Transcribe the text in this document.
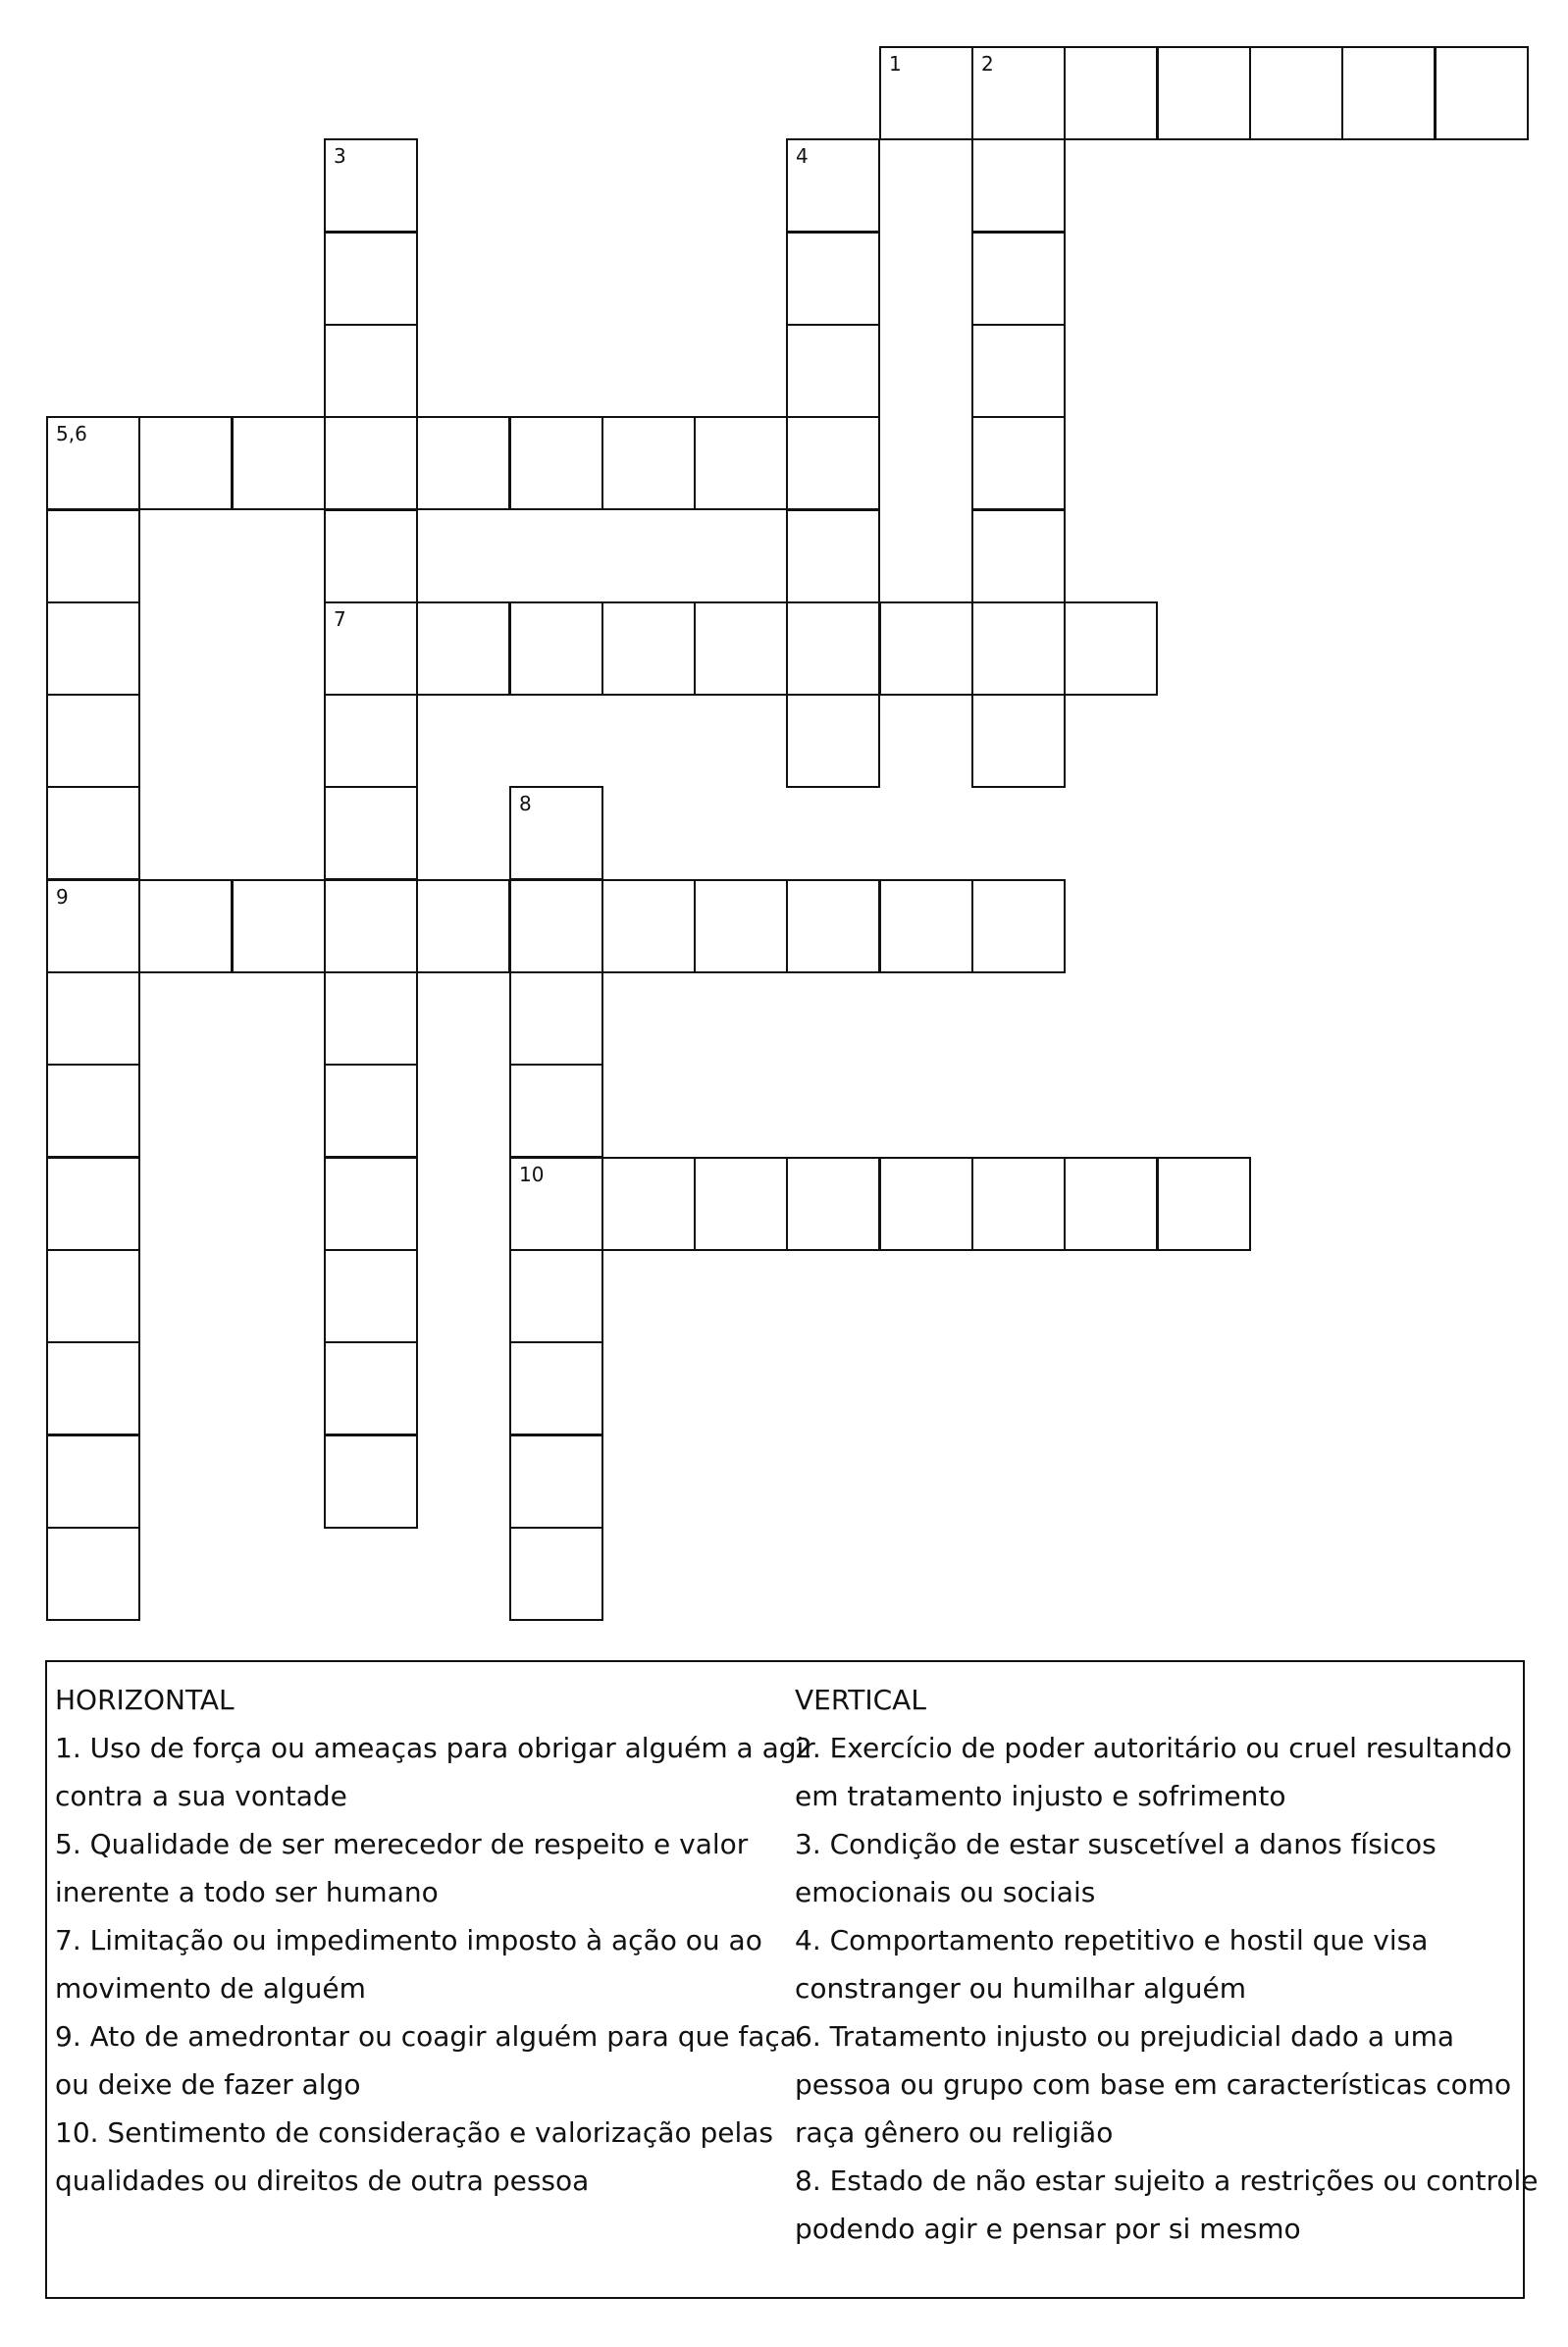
1	2
3	4
5,6
7
8
9
10
HORIZONTAL
1. Uso de força ou ameaças para obrigar alguém a agir
contra a sua vontade
5. Qualidade de ser merecedor de respeito e valor
inerente a todo ser humano
7. Limitação ou impedimento imposto à ação ou ao
movimento de alguém
9. Ato de amedrontar ou coagir alguém para que faça
ou deixe de fazer algo
10. Sentimento de consideração e valorização pelas
qualidades ou direitos de outra pessoa
VERTICAL
2. Exercício de poder autoritário ou cruel resultando
em tratamento injusto e sofrimento
3. Condição de estar suscetível a danos físicos
emocionais ou sociais
4. Comportamento repetitivo e hostil que visa
constranger ou humilhar alguém
6. Tratamento injusto ou prejudicial dado a uma
pessoa ou grupo com base em características como
raça gênero ou religião
8. Estado de não estar sujeito a restrições ou controle
podendo agir e pensar por si mesmo
